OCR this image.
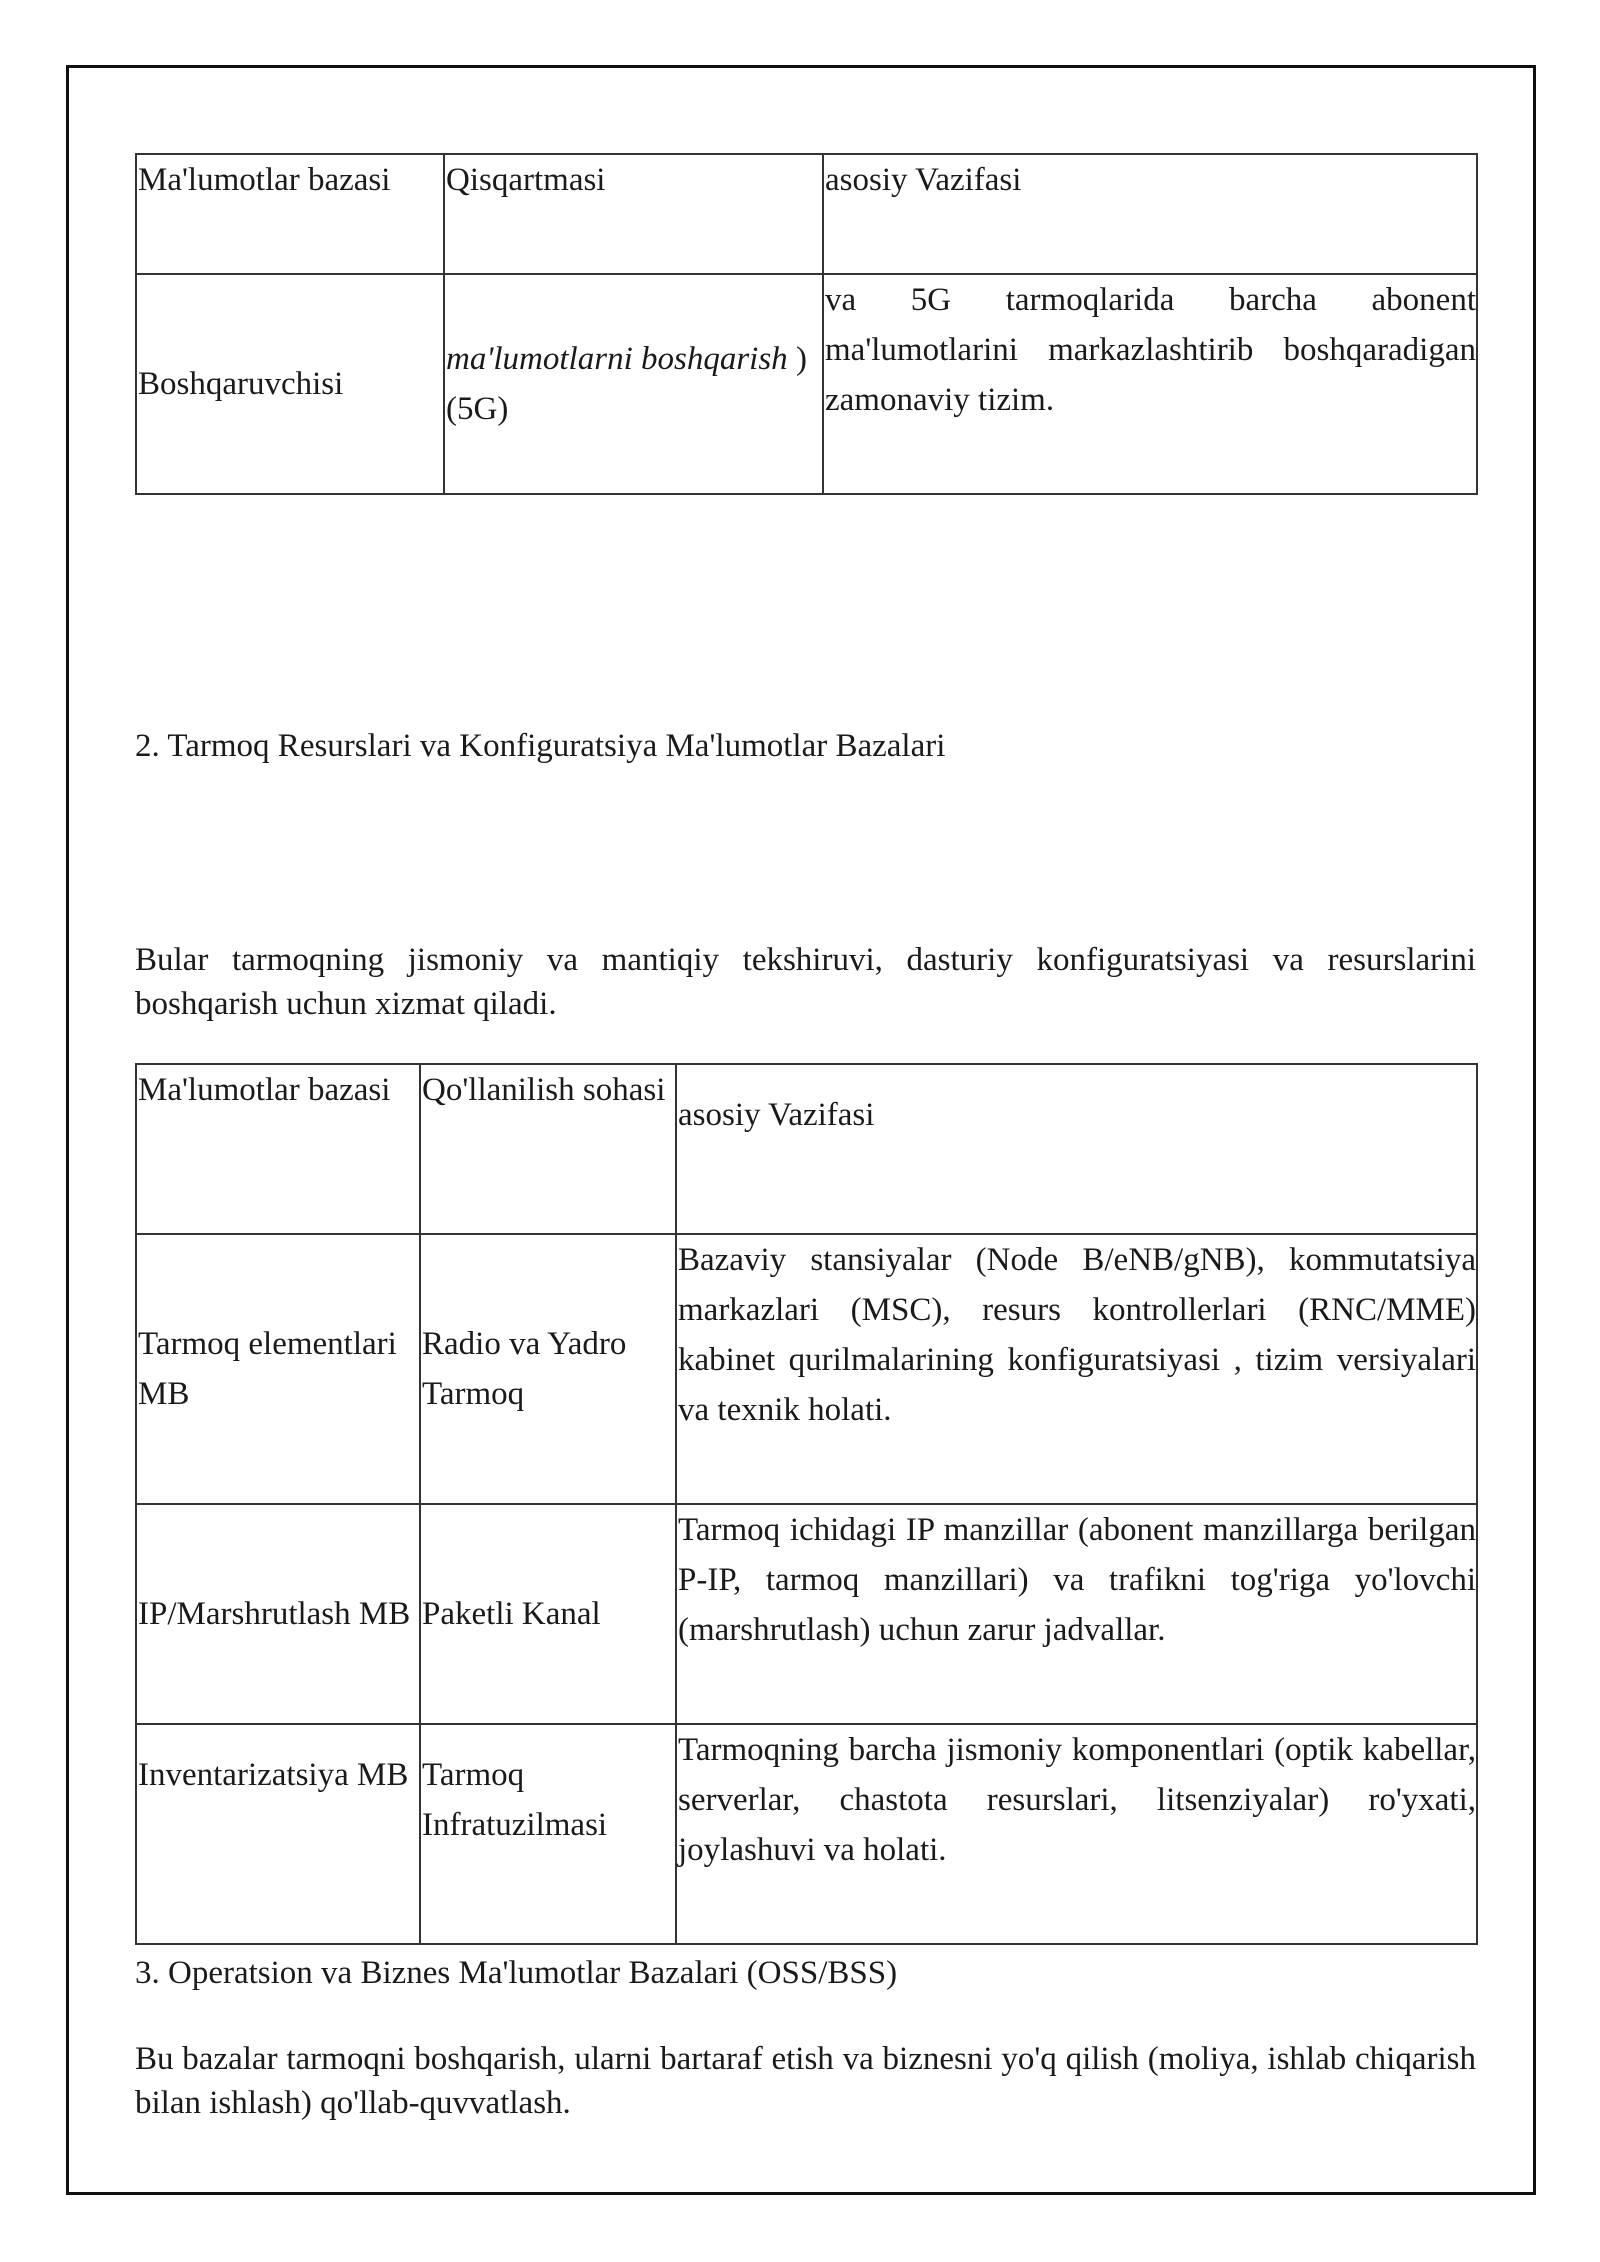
Ma'lumotlar bazasi	Qisqartmasi	asosiy Vazifasi
Boshqaruvchisi	ma'lumotlarni boshqarish ) (5G)	va 5G tarmoqlarida barcha abonent ma'lumotlarini markazlashtirib boshqaradigan zamonaviy tizim.

2. Tarmoq Resurslari va Konfiguratsiya Ma'lumotlar Bazalari

Bular tarmoqning jismoniy va mantiqiy tekshiruvi, dasturiy konfiguratsiyasi va resurslarini boshqarish uchun xizmat qiladi.

Ma'lumotlar bazasi	Qo'llanilish sohasi	asosiy Vazifasi
Tarmoq elementlari MB	Radio va Yadro Tarmoq	Bazaviy stansiyalar (Node B/eNB/gNB), kommutatsiya markazlari (MSC), resurs kontrollerlari (RNC/MME) kabinet qurilmalarining konfiguratsiyasi , tizim versiyalari va texnik holati.
IP/Marshrutlash MB	Paketli Kanal	Tarmoq ichidagi IP manzillar (abonent manzillarga berilgan P-IP, tarmoq manzillari) va trafikni tog'riga yo'lovchi (marshrutlash) uchun zarur jadvallar.
Inventarizatsiya MB	Tarmoq Infratuzilmasi	Tarmoqning barcha jismoniy komponentlari (optik kabellar, serverlar, chastota resurslari, litsenziyalar) ro'yxati, joylashuvi va holati.

3. Operatsion va Biznes Ma'lumotlar Bazalari (OSS/BSS)

Bu bazalar tarmoqni boshqarish, ularni bartaraf etish va biznesni yo'q qilish (moliya, ishlab chiqarish bilan ishlash) qo'llab-quvvatlash.
